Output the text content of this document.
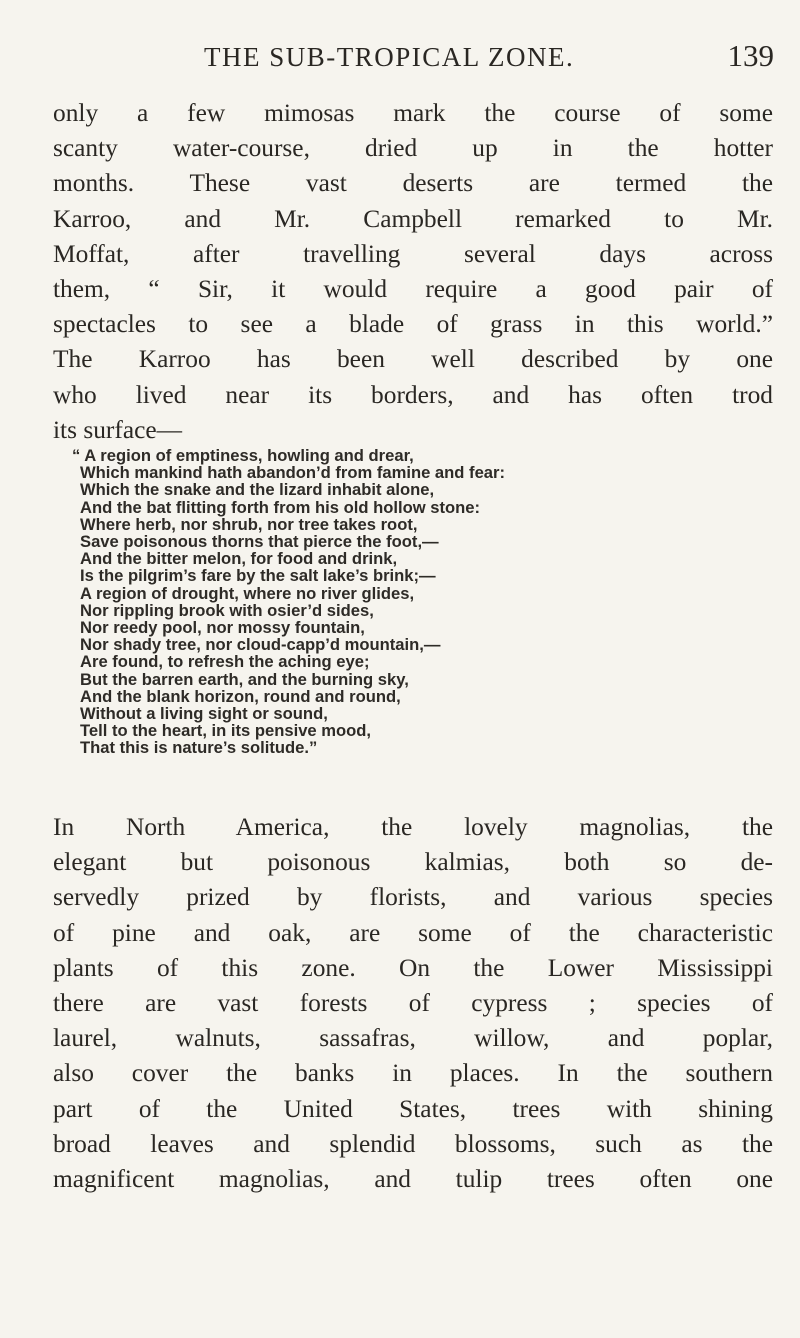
THE SUB-TROPICAL ZONE.	139

only a few mimosas mark the course of some
scanty water-course, dried up in the hotter
months. These vast deserts are termed the
Karroo, and Mr. Campbell remarked to Mr.
Moffat, after travelling several days across
them, “ Sir, it would require a good pair of
spectacles to see a blade of grass in this world.”
The Karroo has been well described by one
who lived near its borders, and has often trod
its surface—

“ A region of emptiness, howling and drear,
Which mankind hath abandon’d from famine and fear:
Which the snake and the lizard inhabit alone,
And the bat flitting forth from his old hollow stone:
Where herb, nor shrub, nor tree takes root,
Save poisonous thorns that pierce the foot,—
And the bitter melon, for food and drink,
Is the pilgrim’s fare by the salt lake’s brink;—
A region of drought, where no river glides,
Nor rippling brook with osier’d sides,
Nor reedy pool, nor mossy fountain,
Nor shady tree, nor cloud-capp’d mountain,—
Are found, to refresh the aching eye;
But the barren earth, and the burning sky,
And the blank horizon, round and round,
Without a living sight or sound,
Tell to the heart, in its pensive mood,
That this is nature’s solitude.”

In North America, the lovely magnolias, the
elegant but poisonous kalmias, both so de-
servedly prized by florists, and various species
of pine and oak, are some of the characteristic
plants of this zone. On the Lower Mississippi
there are vast forests of cypress ; species of
laurel, walnuts, sassafras, willow, and poplar,
also cover the banks in places. In the southern
part of the United States, trees with shining
broad leaves and splendid blossoms, such as the
magnificent magnolias, and tulip trees often one
